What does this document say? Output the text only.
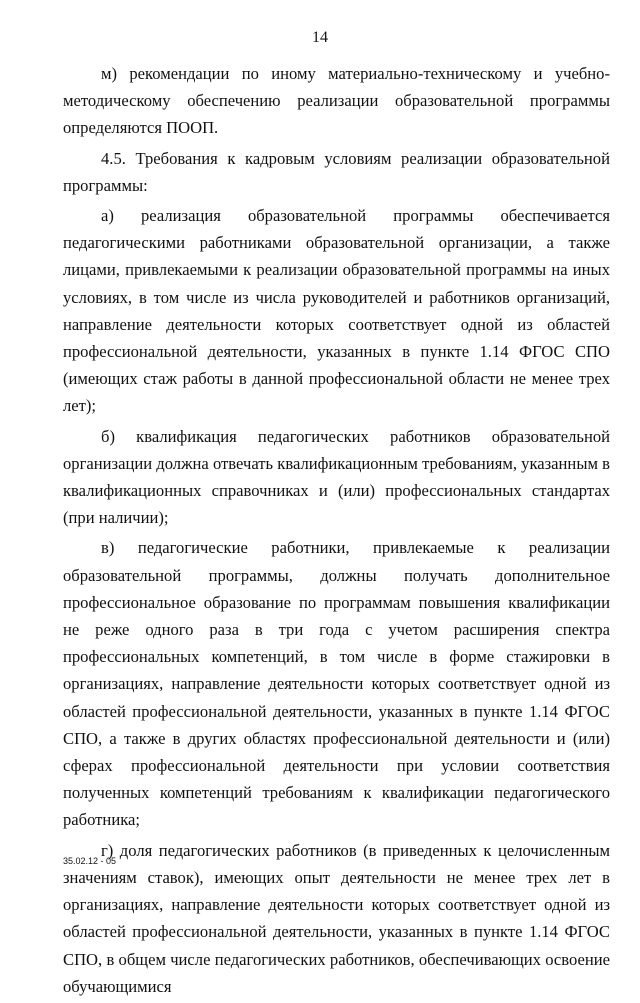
14

м) рекомендации по иному материально-техническому и учебно-методическому обеспечению реализации образовательной программы определяются ПООП.

4.5. Требования к кадровым условиям реализации образовательной программы:

а) реализация образовательной программы обеспечивается педагогическими работниками образовательной организации, а также лицами, привлекаемыми к реализации образовательной программы на иных условиях, в том числе из числа руководителей и работников организаций, направление деятельности которых соответствует одной из областей профессиональной деятельности, указанных в пункте 1.14 ФГОС СПО (имеющих стаж работы в данной профессиональной области не менее трех лет);

б) квалификация педагогических работников образовательной организации должна отвечать квалификационным требованиям, указанным в квалификационных справочниках и (или) профессиональных стандартах (при наличии);

в) педагогические работники, привлекаемые к реализации образовательной программы, должны получать дополнительное профессиональное образование по программам повышения квалификации не реже одного раза в три года с учетом расширения спектра профессиональных компетенций, в том числе в форме стажировки в организациях, направление деятельности которых соответствует одной из областей профессиональной деятельности, указанных в пункте 1.14 ФГОС СПО, а также в других областях профессиональной деятельности и (или) сферах профессиональной деятельности при условии соответствия полученных компетенций требованиям к квалификации педагогического работника;

г) доля педагогических работников (в приведенных к целочисленным значениям ставок), имеющих опыт деятельности не менее трех лет в организациях, направление деятельности которых соответствует одной из областей профессиональной деятельности, указанных в пункте 1.14 ФГОС СПО, в общем числе педагогических работников, обеспечивающих освоение обучающимися

35.02.12 - 05
